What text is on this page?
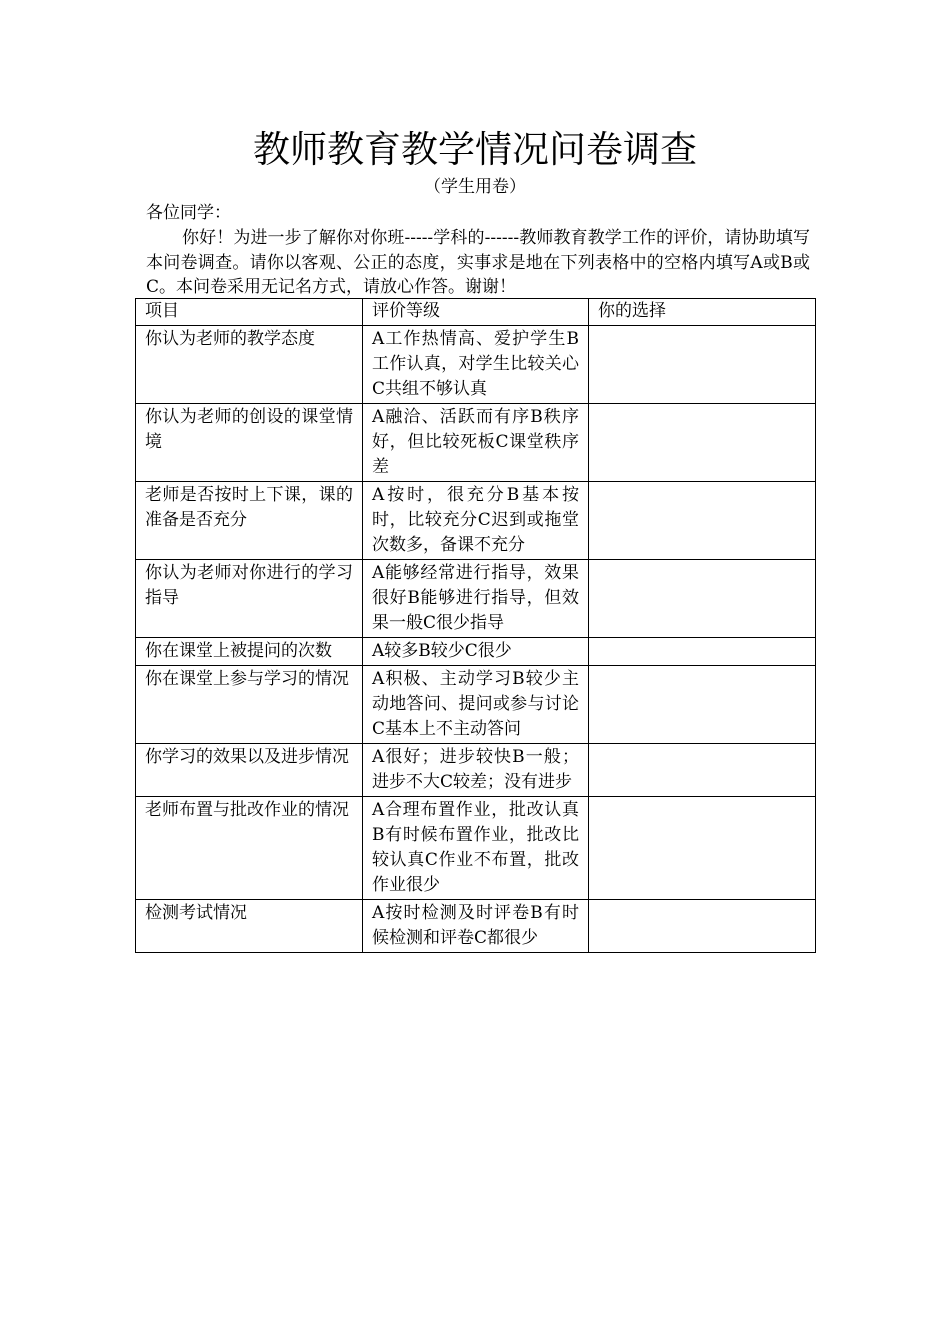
教师教育教学情况问卷调查
（学生用卷）
各位同学：
你好！为进一步了解你对你班-----学科的------教师教育教学工作的评价，请协助填写本问卷调查。请你以客观、公正的态度，实事求是地在下列表格中的空格内填写A或B或C。本问卷采用无记名方式，请放心作答。谢谢！
项目	评价等级	你的选择
你认为老师的教学态度	A工作热情高、爱护学生B工作认真，对学生比较关心C共组不够认真	
你认为老师的创设的课堂情境	A融洽、活跃而有序B秩序好，但比较死板C课堂秩序差	
老师是否按时上下课，课的准备是否充分	A按时，很充分B基本按时，比较充分C迟到或拖堂次数多，备课不充分	
你认为老师对你进行的学习指导	A能够经常进行指导，效果很好B能够进行指导，但效果一般C很少指导	
你在课堂上被提问的次数	A较多B较少C很少	
你在课堂上参与学习的情况	A积极、主动学习B较少主动地答问、提问或参与讨论C基本上不主动答问	
你学习的效果以及进步情况	A很好；进步较快B一般；进步不大C较差；没有进步	
老师布置与批改作业的情况	A合理布置作业，批改认真B有时候布置作业，批改比较认真C作业不布置，批改作业很少	
检测考试情况	A按时检测及时评卷B有时候检测和评卷C都很少	
